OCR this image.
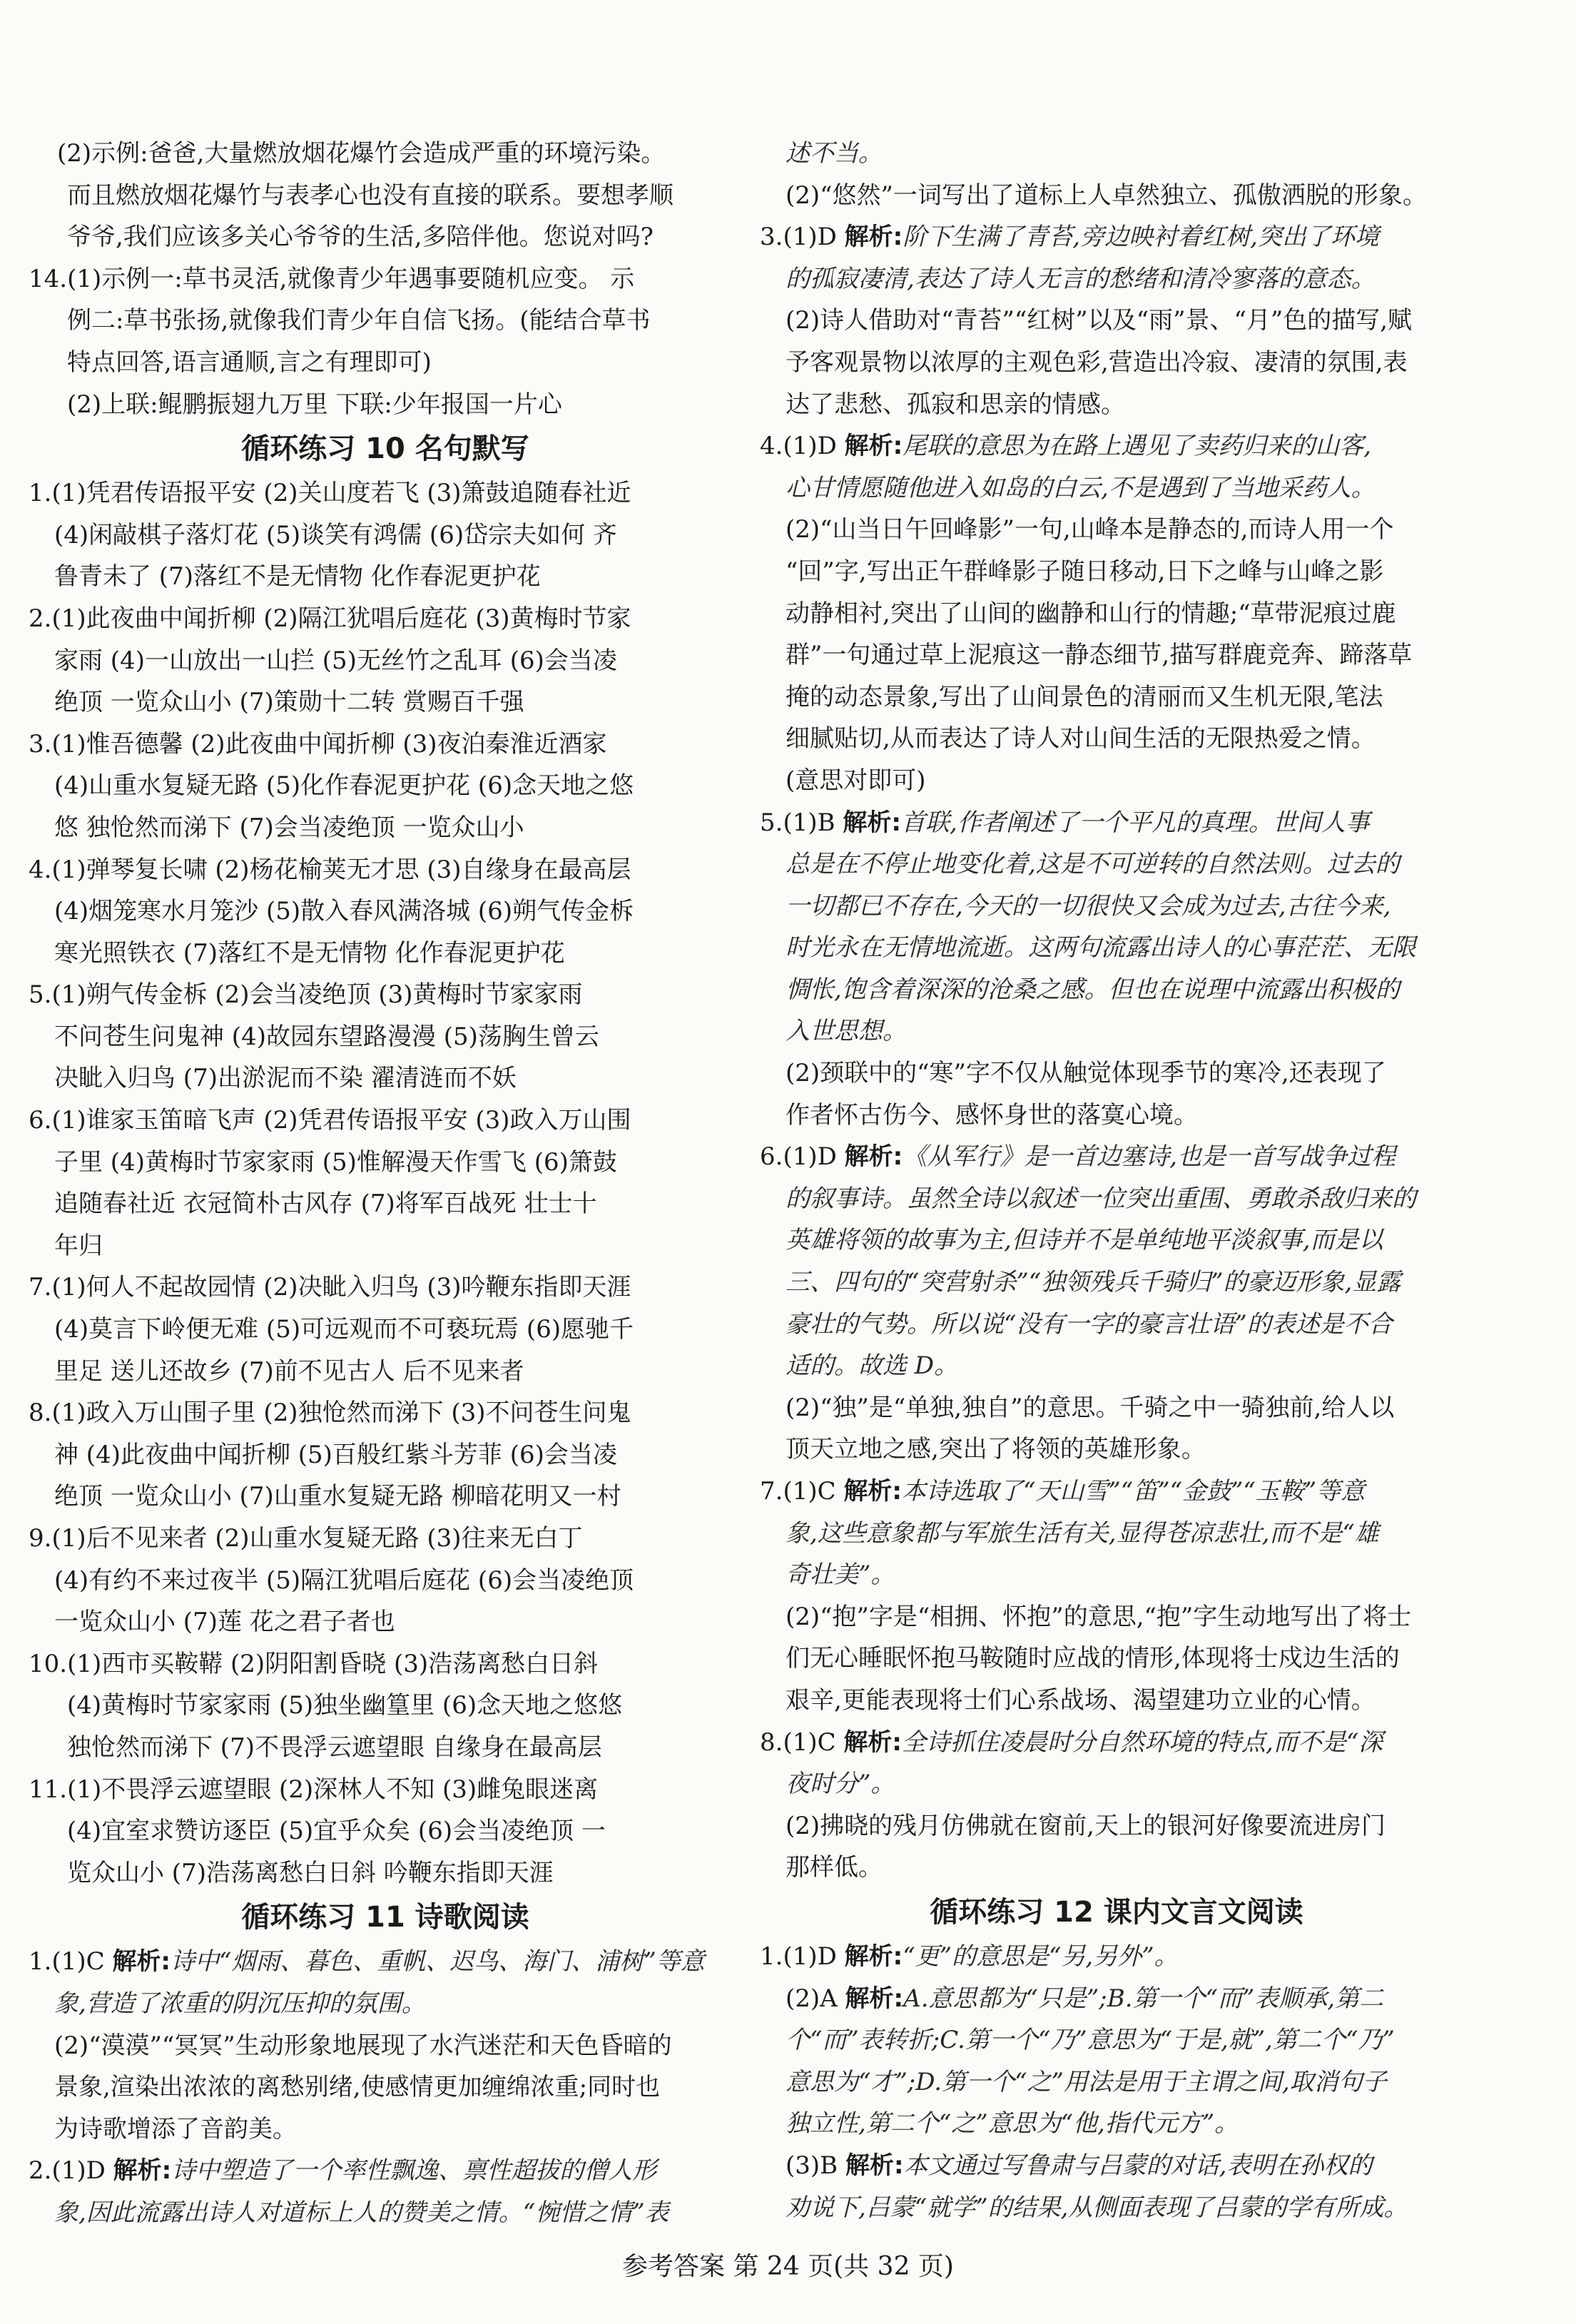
(2)示例:爸爸,大量燃放烟花爆竹会造成严重的环境污染。
而且燃放烟花爆竹与表孝心也没有直接的联系。要想孝顺
爷爷,我们应该多关心爷爷的生活,多陪伴他。您说对吗?
14.(1)示例一:草书灵活,就像青少年遇事要随机应变。 示
例二:草书张扬,就像我们青少年自信飞扬。(能结合草书
特点回答,语言通顺,言之有理即可)
(2)上联:鲲鹏振翅九万里 下联:少年报国一片心
循环练习 10 名句默写
1.(1)凭君传语报平安 (2)关山度若飞 (3)箫鼓追随春社近
(4)闲敲棋子落灯花 (5)谈笑有鸿儒 (6)岱宗夫如何 齐
鲁青未了 (7)落红不是无情物 化作春泥更护花
2.(1)此夜曲中闻折柳 (2)隔江犹唱后庭花 (3)黄梅时节家
家雨 (4)一山放出一山拦 (5)无丝竹之乱耳 (6)会当凌
绝顶 一览众山小 (7)策勋十二转 赏赐百千强
3.(1)惟吾德馨 (2)此夜曲中闻折柳 (3)夜泊秦淮近酒家
(4)山重水复疑无路 (5)化作春泥更护花 (6)念天地之悠
悠 独怆然而涕下 (7)会当凌绝顶 一览众山小
4.(1)弹琴复长啸 (2)杨花榆荚无才思 (3)自缘身在最高层
(4)烟笼寒水月笼沙 (5)散入春风满洛城 (6)朔气传金柝
寒光照铁衣 (7)落红不是无情物 化作春泥更护花
5.(1)朔气传金柝 (2)会当凌绝顶 (3)黄梅时节家家雨
不问苍生问鬼神 (4)故园东望路漫漫 (5)荡胸生曾云
决眦入归鸟 (7)出淤泥而不染 濯清涟而不妖
6.(1)谁家玉笛暗飞声 (2)凭君传语报平安 (3)政入万山围
子里 (4)黄梅时节家家雨 (5)惟解漫天作雪飞 (6)箫鼓
追随春社近 衣冠简朴古风存 (7)将军百战死 壮士十
年归
7.(1)何人不起故园情 (2)决眦入归鸟 (3)吟鞭东指即天涯
(4)莫言下岭便无难 (5)可远观而不可亵玩焉 (6)愿驰千
里足 送儿还故乡 (7)前不见古人 后不见来者
8.(1)政入万山围子里 (2)独怆然而涕下 (3)不问苍生问鬼
神 (4)此夜曲中闻折柳 (5)百般红紫斗芳菲 (6)会当凌
绝顶 一览众山小 (7)山重水复疑无路 柳暗花明又一村
9.(1)后不见来者 (2)山重水复疑无路 (3)往来无白丁
(4)有约不来过夜半 (5)隔江犹唱后庭花 (6)会当凌绝顶
一览众山小 (7)莲 花之君子者也
10.(1)西市买鞍鞯 (2)阴阳割昏晓 (3)浩荡离愁白日斜
(4)黄梅时节家家雨 (5)独坐幽篁里 (6)念天地之悠悠
独怆然而涕下 (7)不畏浮云遮望眼 自缘身在最高层
11.(1)不畏浮云遮望眼 (2)深林人不知 (3)雌兔眼迷离
(4)宜室求赞访逐臣 (5)宜乎众矣 (6)会当凌绝顶 一
览众山小 (7)浩荡离愁白日斜 吟鞭东指即天涯
循环练习 11 诗歌阅读
1.(1)C 解析:诗中“烟雨、暮色、重帆、迟鸟、海门、浦树”等意
象,营造了浓重的阴沉压抑的氛围。
(2)“漠漠”“冥冥”生动形象地展现了水汽迷茫和天色昏暗的
景象,渲染出浓浓的离愁别绪,使感情更加缠绵浓重;同时也
为诗歌增添了音韵美。
2.(1)D 解析:诗中塑造了一个率性飘逸、禀性超拔的僧人形
象,因此流露出诗人对道标上人的赞美之情。“惋惜之情”表
述不当。
(2)“悠然”一词写出了道标上人卓然独立、孤傲洒脱的形象。
3.(1)D 解析:阶下生满了青苔,旁边映衬着红树,突出了环境
的孤寂凄清,表达了诗人无言的愁绪和清冷寥落的意态。
(2)诗人借助对“青苔”“红树”以及“雨”景、“月”色的描写,赋
予客观景物以浓厚的主观色彩,营造出冷寂、凄清的氛围,表
达了悲愁、孤寂和思亲的情感。
4.(1)D 解析:尾联的意思为在路上遇见了卖药归来的山客,
心甘情愿随他进入如岛的白云,不是遇到了当地采药人。
(2)“山当日午回峰影”一句,山峰本是静态的,而诗人用一个
“回”字,写出正午群峰影子随日移动,日下之峰与山峰之影
动静相衬,突出了山间的幽静和山行的情趣;“草带泥痕过鹿
群”一句通过草上泥痕这一静态细节,描写群鹿竞奔、蹄落草
掩的动态景象,写出了山间景色的清丽而又生机无限,笔法
细腻贴切,从而表达了诗人对山间生活的无限热爱之情。
(意思对即可)
5.(1)B 解析:首联,作者阐述了一个平凡的真理。世间人事
总是在不停止地变化着,这是不可逆转的自然法则。过去的
一切都已不存在,今天的一切很快又会成为过去,古往今来,
时光永在无情地流逝。这两句流露出诗人的心事茫茫、无限
惆怅,饱含着深深的沧桑之感。但也在说理中流露出积极的
入世思想。
(2)颈联中的“寒”字不仅从触觉体现季节的寒冷,还表现了
作者怀古伤今、感怀身世的落寞心境。
6.(1)D 解析:《从军行》是一首边塞诗,也是一首写战争过程
的叙事诗。虽然全诗以叙述一位突出重围、勇敢杀敌归来的
英雄将领的故事为主,但诗并不是单纯地平淡叙事,而是以
三、四句的“突营射杀”“独领残兵千骑归”的豪迈形象,显露
豪壮的气势。所以说“没有一字的豪言壮语”的表述是不合
适的。故选 D。
(2)“独”是“单独,独自”的意思。千骑之中一骑独前,给人以
顶天立地之感,突出了将领的英雄形象。
7.(1)C 解析:本诗选取了“天山雪”“笛”“金鼓”“玉鞍”等意
象,这些意象都与军旅生活有关,显得苍凉悲壮,而不是“雄
奇壮美”。
(2)“抱”字是“相拥、怀抱”的意思,“抱”字生动地写出了将士
们无心睡眠怀抱马鞍随时应战的情形,体现将士戍边生活的
艰辛,更能表现将士们心系战场、渴望建功立业的心情。
8.(1)C 解析:全诗抓住凌晨时分自然环境的特点,而不是“深
夜时分”。
(2)拂晓的残月仿佛就在窗前,天上的银河好像要流进房门
那样低。
循环练习 12 课内文言文阅读
1.(1)D 解析:“更”的意思是“另,另外”。
(2)A 解析:A.意思都为“只是”;B.第一个“而”表顺承,第二
个“而”表转折;C.第一个“乃”意思为“于是,就”,第二个“乃”
意思为“才”;D.第一个“之”用法是用于主谓之间,取消句子
独立性,第二个“之”意思为“他,指代元方”。
(3)B 解析:本文通过写鲁肃与吕蒙的对话,表明在孙权的
劝说下,吕蒙“就学”的结果,从侧面表现了吕蒙的学有所成。
参考答案 第 24 页(共 32 页)
